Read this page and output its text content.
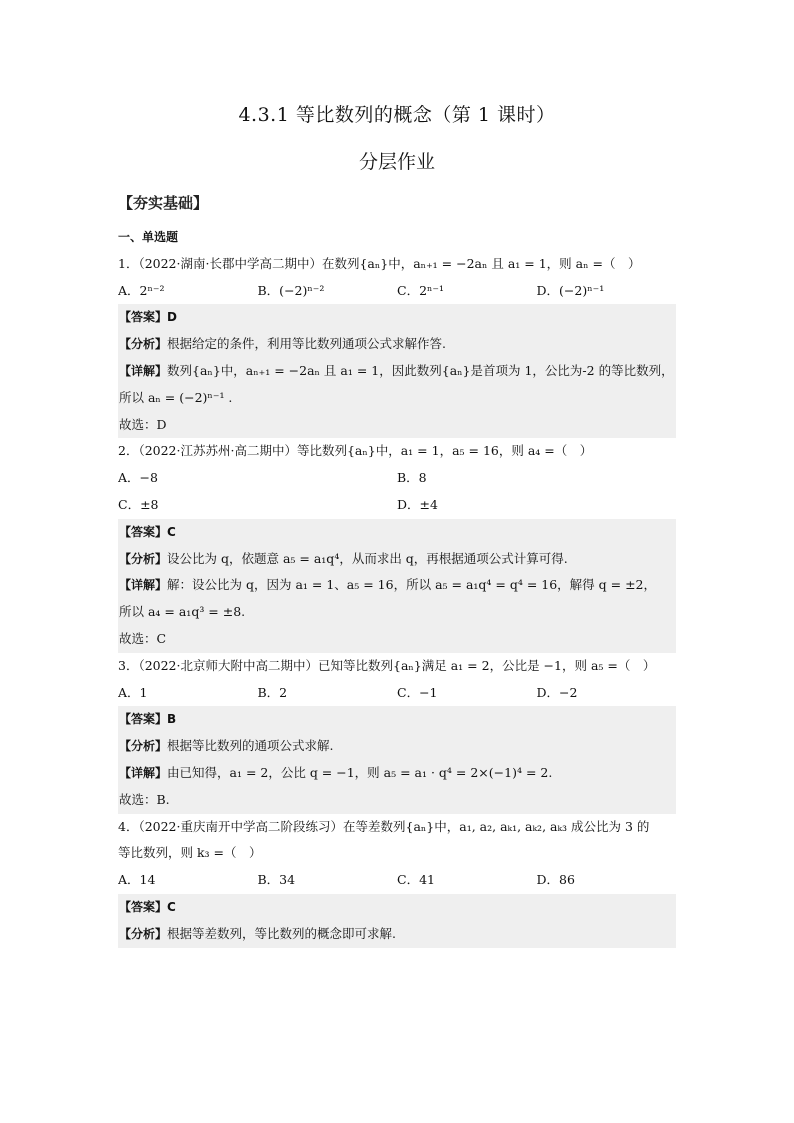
4.3.1 等比数列的概念（第 1 课时）
分层作业
【夯实基础】
一、单选题
1．（2022·湖南·长郡中学高二期中）在数列{aₙ}中，aₙ₊₁ = −2aₙ 且 a₁ = 1，则 aₙ =（　）
A．2ⁿ⁻²	B．(−2)ⁿ⁻²	C．2ⁿ⁻¹	D．(−2)ⁿ⁻¹
【答案】D
【分析】根据给定的条件，利用等比数列通项公式求解作答.
【详解】数列{aₙ}中，aₙ₊₁ = −2aₙ 且 a₁ = 1，因此数列{aₙ}是首项为 1，公比为-2 的等比数列，
所以 aₙ = (−2)ⁿ⁻¹ .
故选：D
2．（2022·江苏苏州·高二期中）等比数列{aₙ}中，a₁ = 1，a₅ = 16，则 a₄ =（　）
A．−8	B．8
C．±8	D．±4
【答案】C
【分析】设公比为 q，依题意 a₅ = a₁q⁴，从而求出 q，再根据通项公式计算可得.
【详解】解：设公比为 q，因为 a₁ = 1、a₅ = 16，所以 a₅ = a₁q⁴ = q⁴ = 16，解得 q = ±2，
所以 a₄ = a₁q³ = ±8.
故选：C
3．（2022·北京师大附中高二期中）已知等比数列{aₙ}满足 a₁ = 2，公比是 −1，则 a₅ =（　）
A．1	B．2	C．−1	D．−2
【答案】B
【分析】根据等比数列的通项公式求解.
【详解】由已知得，a₁ = 2，公比 q = −1，则 a₅ = a₁ · q⁴ = 2×(−1)⁴ = 2.
故选：B.
4．（2022·重庆南开中学高二阶段练习）在等差数列{aₙ}中，a₁, a₂, aₖ₁, aₖ₂, aₖ₃ 成公比为 3 的
等比数列，则 k₃ =（　）
A．14	B．34	C．41	D．86
【答案】C
【分析】根据等差数列，等比数列的概念即可求解.
